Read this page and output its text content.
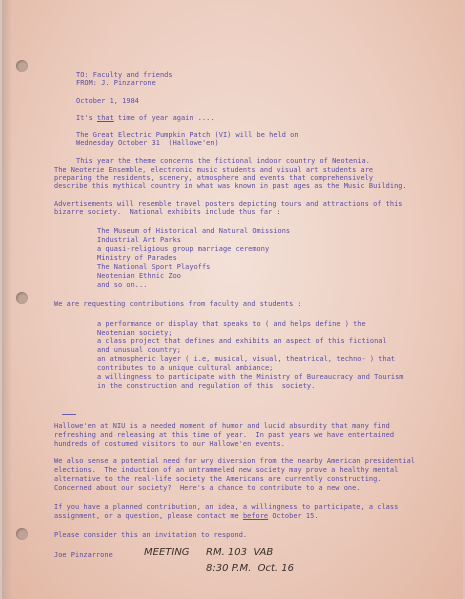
TO: Faculty and friends
FROM: J. Pinzarrone
October 1, 1984
It's that time of year again ....
The Great Electric Pumpkin Patch (VI) will be held on
Wednesday October 31  (Hallowe'en)
This year the theme concerns the fictional indoor country of Neotenia.
The Neoterie Ensemble, electronic music students and visual art students are
preparing the residents, scenery, atmosphere and events that comprehensively
describe this mythical country in what was known in past ages as the Music Building.
Advertisements will resemble travel posters depicting tours and attractions of this
bizarre society.  National exhibits include thus far :
The Museum of Historical and Natural Omissions
Industrial Art Parks
a quasi-religious group marriage ceremony
Ministry of Parades
The National Sport Playoffs
Neotenian Ethnic Zoo
and so on...
We are requesting contributions from faculty and students :
a performance or display that speaks to ( and helps define ) the
Neotenian society;
a class project that defines and exhibits an aspect of this fictional
and unusual country;
an atmospheric layer ( i.e, musical, visual, theatrical, techno- ) that
contributes to a unique cultural ambiance;
a willingness to participate with the Ministry of Bureaucracy and Tourism
in the construction and regulation of this  society.
Hallowe'en at NIU is a needed moment of humor and lucid absurdity that many find
refreshing and releasing at this time of year.  In past years we have entertained
hundreds of costumed visitors to our Hallowe'en events.
We also sense a potential need for wry diversion from the nearby American presidential
elections.  The induction of an untrammeled new society may prove a healthy mental
alternative to the real-life society the Americans are currently constructing.
Concerned about our society?  Here's a chance to contribute to a new one.
If you have a planned contribution, an idea, a willingness to participate, a class
assignment, or a question, please contact me before October 15.
Please consider this an invitation to respond.
Joe Pinzarrone	MEETING RM. 103  VAB
8:30 P.M.  Oct. 16
